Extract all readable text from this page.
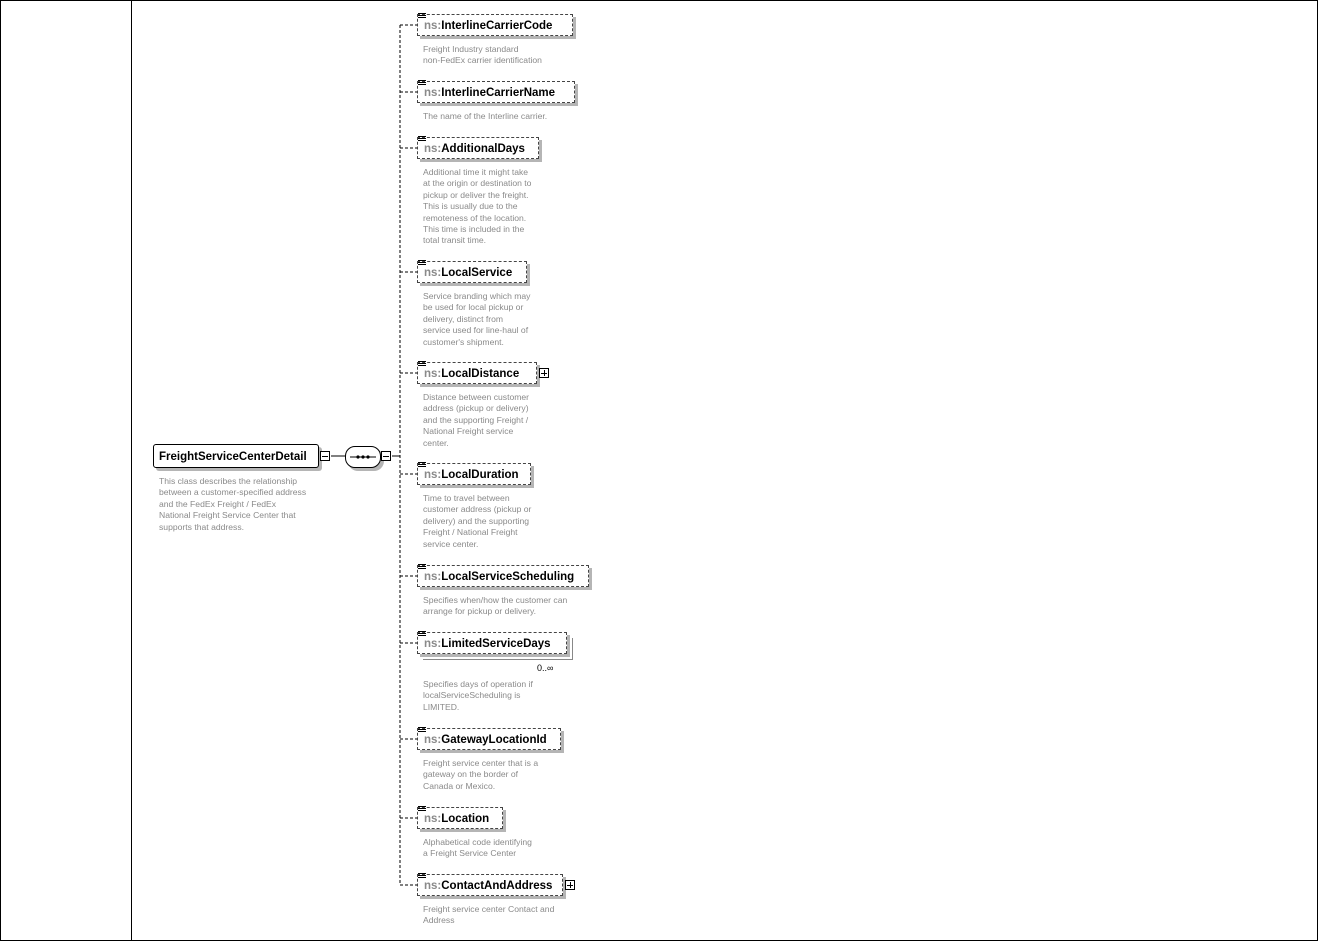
FreightServiceCenterDetail
This class describes the relationship
between a customer-specified address
and the FedEx Freight / FedEx
National Freight Service Center that
supports that address.
ns:InterlineCarrierCode
Freight Industry standard
non-FedEx carrier identification
ns:InterlineCarrierName
The name of the Interline carrier.
ns:AdditionalDays
Additional time it might take
at the origin or destination to
pickup or deliver the freight.
This is usually due to the
remoteness of the location.
This time is included in the
total transit time.
ns:LocalService
Service branding which may
be used for local pickup or
delivery, distinct from
service used for line-haul of
customer's shipment.
ns:LocalDistance
Distance between customer
address (pickup or delivery)
and the supporting Freight /
National Freight service
center.
ns:LocalDuration
Time to travel between
customer address (pickup or
delivery) and the supporting
Freight / National Freight
service center.
ns:LocalServiceScheduling
Specifies when/how the customer can
arrange for pickup or delivery.
ns:LimitedServiceDays
0..∞
Specifies days of operation if
localServiceScheduling is
LIMITED.
ns:GatewayLocationId
Freight service center that is a
gateway on the border of
Canada or Mexico.
ns:Location
Alphabetical code identifying
a Freight Service Center
ns:ContactAndAddress
Freight service center Contact and
Address
